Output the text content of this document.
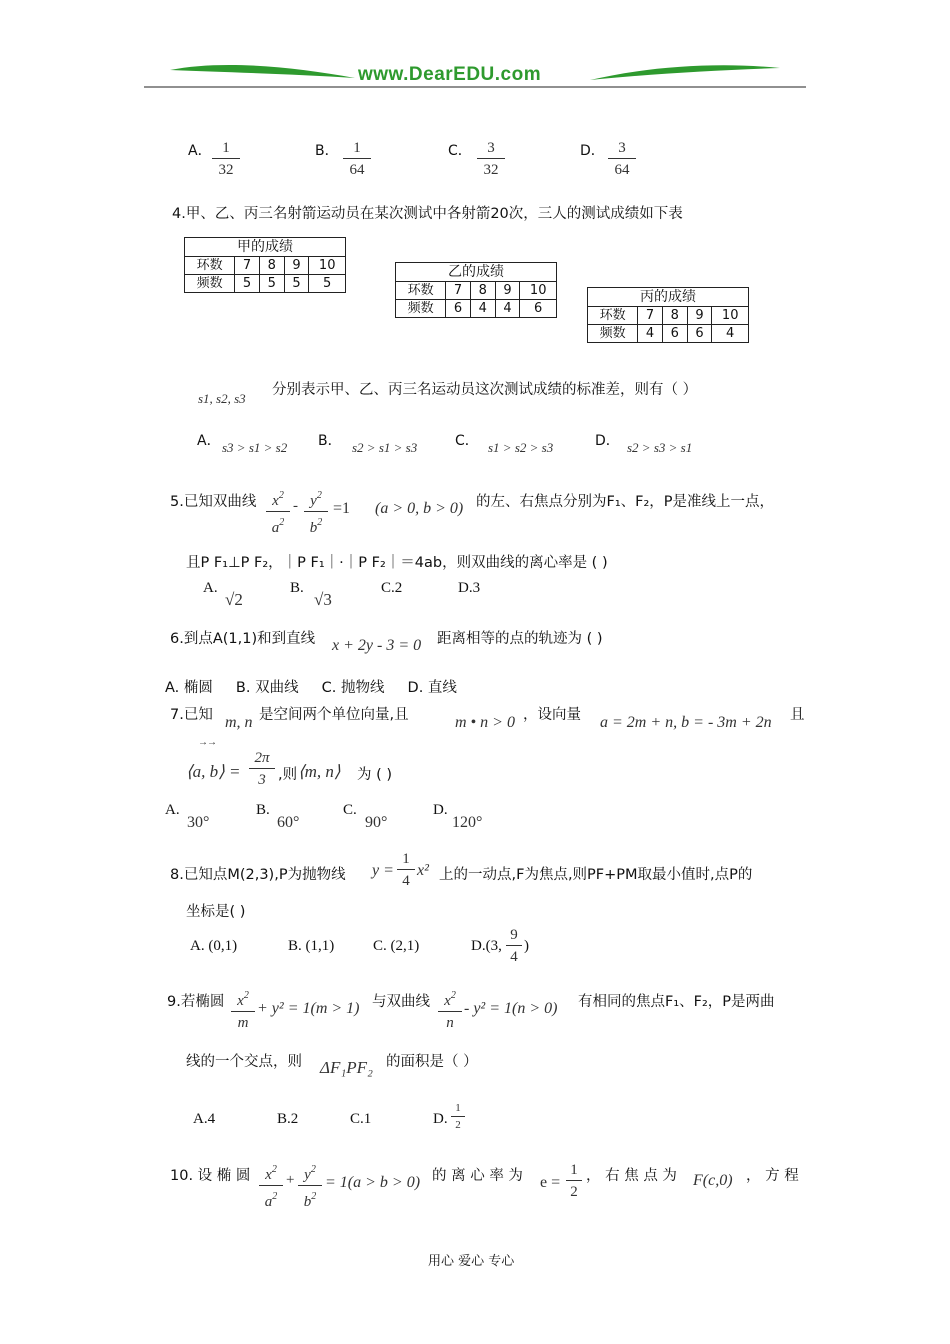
www.DearEDU.com
A． $\frac{1}{32}$	B． $\frac{1}{64}$	C． $\frac{3}{32}$	D． $\frac{3}{64}$
4.甲、乙、丙三名射箭运动员在某次测试中各射箭20次，三人的测试成绩如下表
甲的成绩
环数	7	8	9	10
频数	5	5	5	5
乙的成绩
环数	7	8	9	10
频数	6	4	4	6
丙的成绩
环数	7	8	9	10
频数	4	6	6	4
s1, s2, s3
分别表示甲、乙、丙三名运动员这次测试成绩的标准差，则有（ ）
A． s3 > s1 > s2 B． s2 > s1 > s3	C． s1 > s2 > s3	D． s2 > s3 > s1
5.已知双曲线 $\frac{x^2}{a^2} - \frac{y^2}{b^2} =1$ (a > 0, b > 0) 的左、右焦点分别为F₁、F₂，P是准线上一点，
且P F₁⊥P F₂，｜P F₁｜·｜P F₂｜＝4ab，则双曲线的离心率是 ( )
A.
√2
B.
√3
C.2	D.3
6.到点A(1,1)和到直线 x + 2y - 3 = 0 距离相等的点的轨迹为 ( )
A. 椭圆     B. 双曲线     C. 抛物线     D. 直线
7.已知 m, n 是空间两个单位向量,且	m • n > 0 ，设向量 a = 2m + n, b = - 3m + 2n 且
→→
⟨a, b⟩ = $\frac{2\pi}{3}$ ,则 ⟨m, n⟩ 为 ( )
A.
30°
B.
60°
C.
90°
D.
120°
8.已知点M(2,3),P为抛物线 $y = \frac{1}{4} x^2$ 上的一动点,F为焦点,则PF+PM取最小值时,点P的
坐标是( )
A. (0,1)	B. (1,1)	C. (2,1)	D.(3, $\frac{9}{4}$ )
9.若椭圆 $\frac{x^2}{m} + y^2 = 1(m > 1)$ 与双曲线 $\frac{x^2}{n} - y^2 = 1(n > 0)$ 有相同的焦点F₁、F₂，P是两曲
线的一个交点，则 ΔF₁PF₂ 的面积是（ ）
A.4	B.2	C.1	D. $\frac{1}{2}$
10. 设 椭 圆 $\frac{x^2}{a^2} + \frac{y^2}{b^2} = 1(a > b > 0)$ 的 离 心 率 为 $e = \frac{1}{2}$ ， 右 焦 点 为 F(c,0) ， 方 程
用心 爱心 专心
